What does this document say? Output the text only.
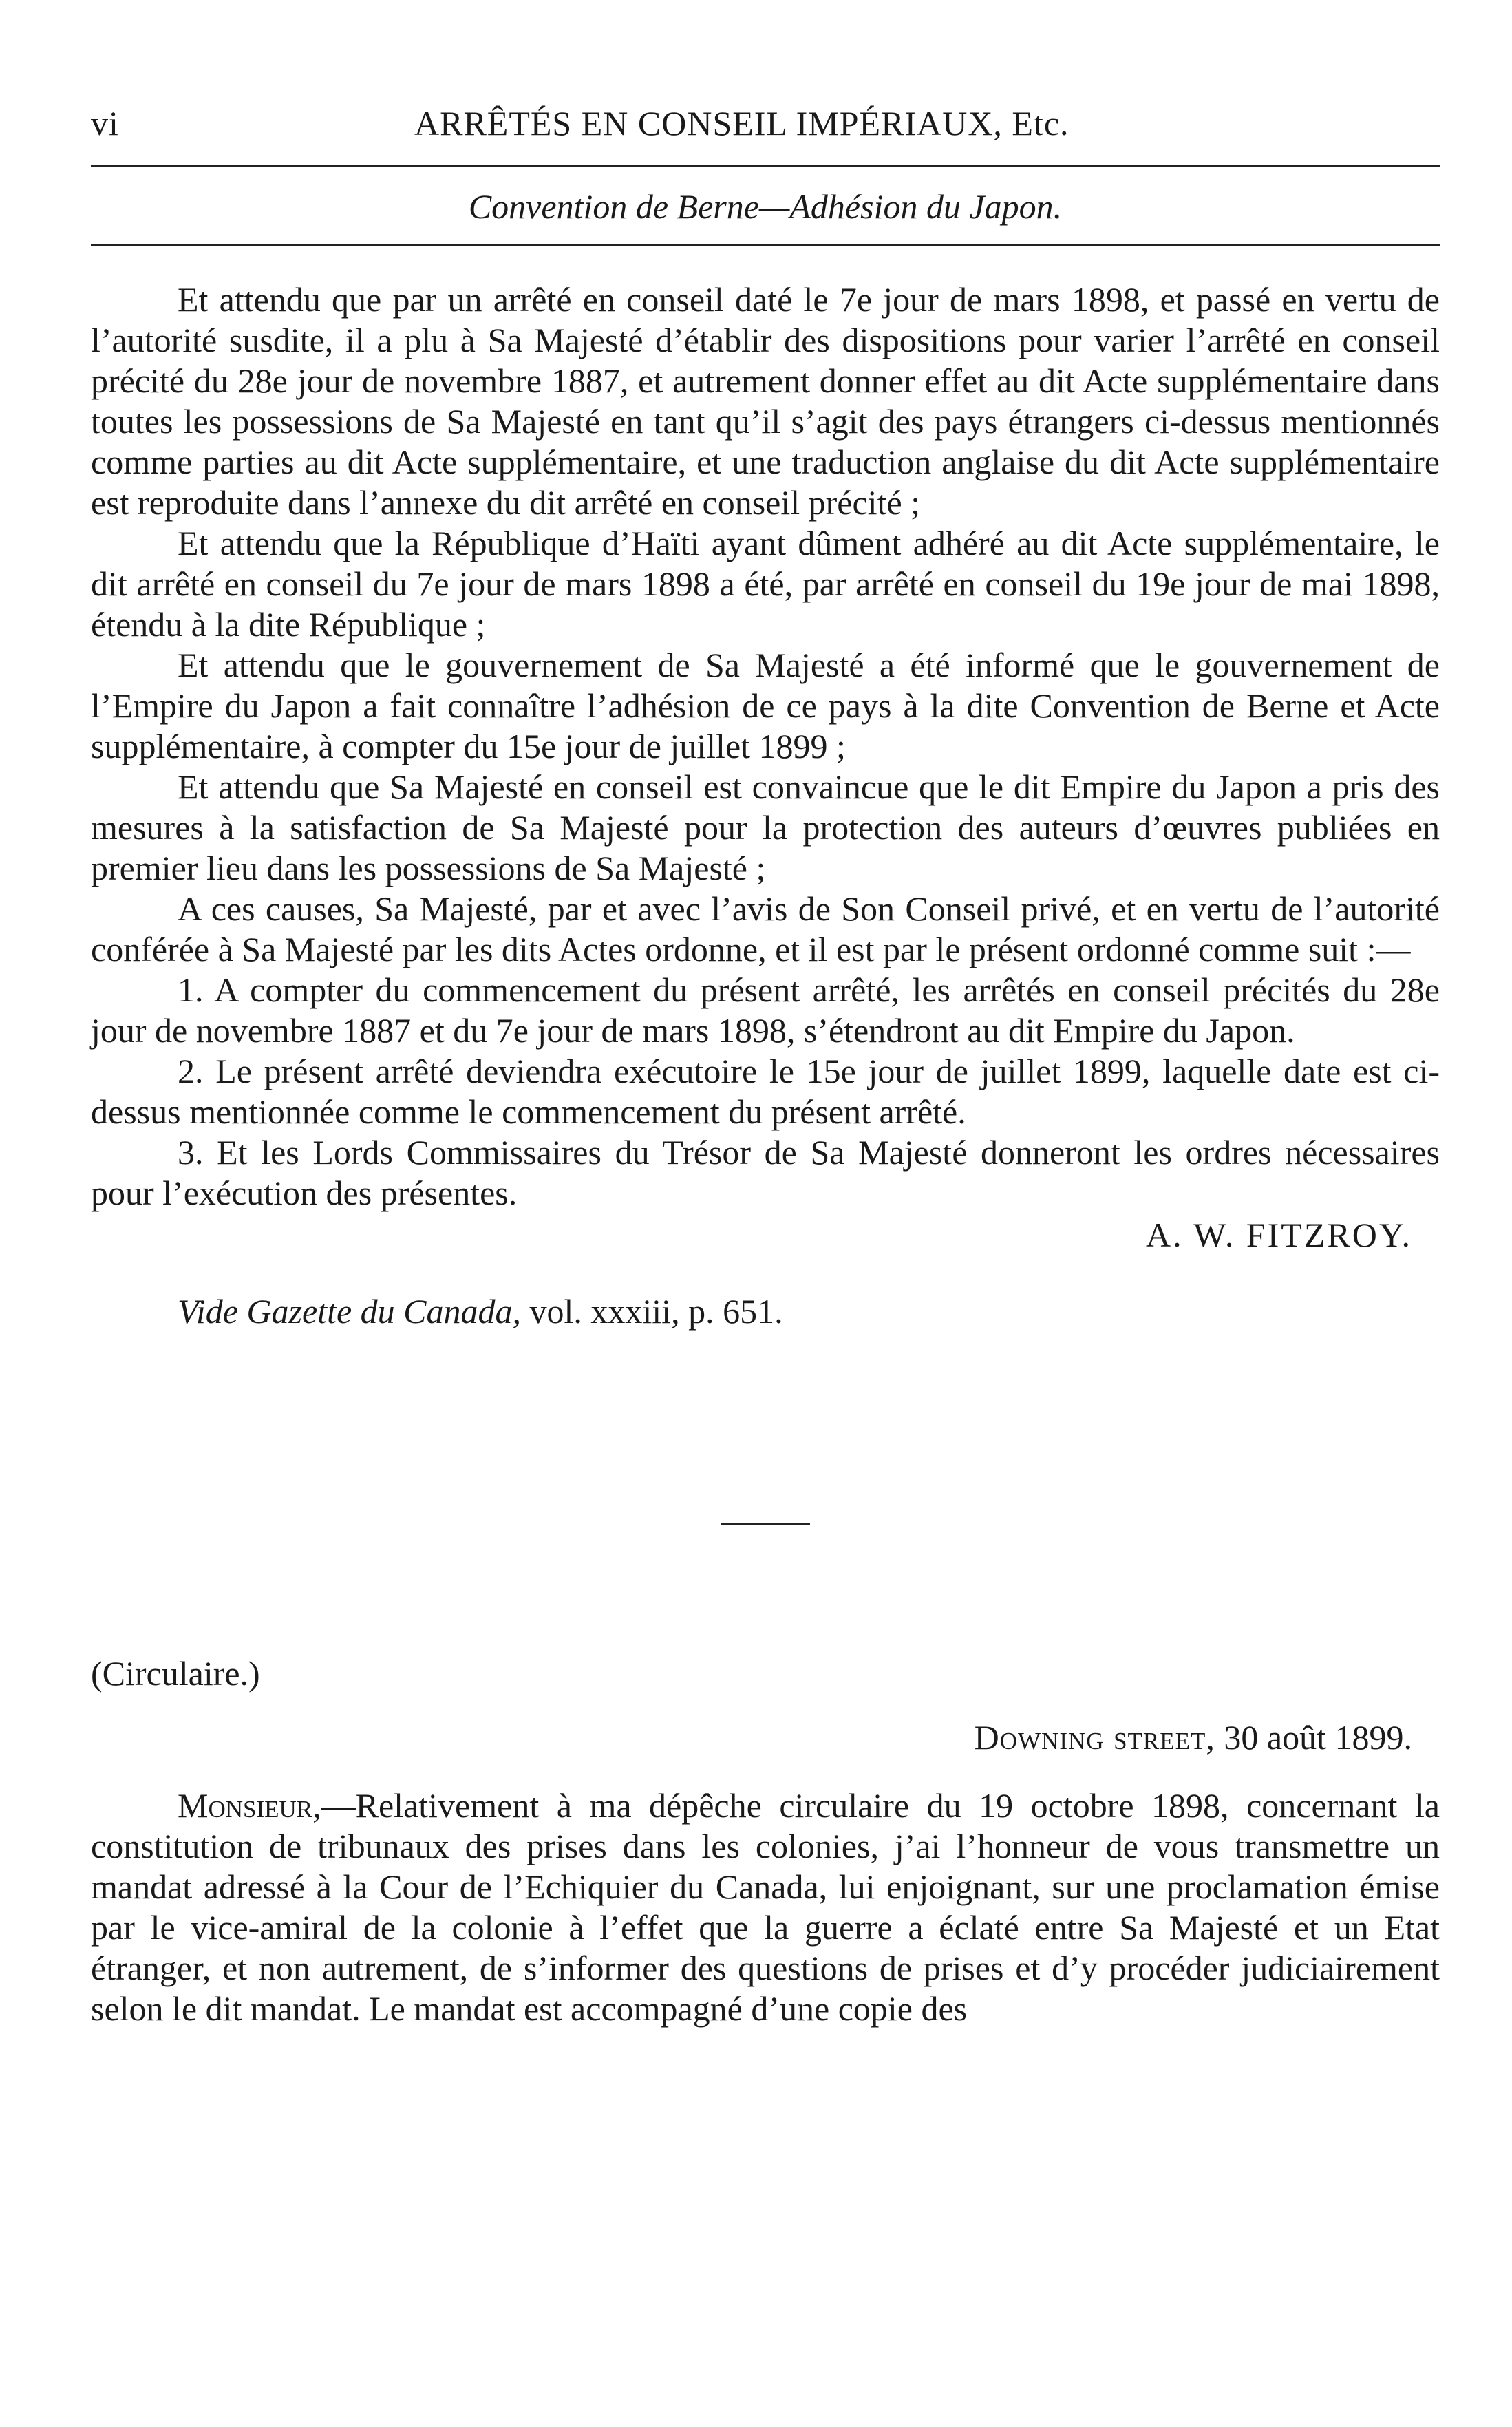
vi	ARRÊTÉS EN CONSEIL IMPÉRIAUX, Etc.
Convention de Berne—Adhésion du Japon.

Et attendu que par un arrêté en conseil daté le 7e jour de mars 1898, et passé en vertu de l’autorité susdite, il a plu à Sa Majesté d’établir des dispositions pour varier l’arrêté en conseil précité du 28e jour de novembre 1887, et autrement donner effet au dit Acte supplémentaire dans toutes les possessions de Sa Majesté en tant qu’il s’agit des pays étrangers ci-dessus mentionnés comme parties au dit Acte supplémentaire, et une traduction anglaise du dit Acte supplémentaire est reproduite dans l’annexe du dit arrêté en conseil précité ;

Et attendu que la République d’Haïti ayant dûment adhéré au dit Acte supplémentaire, le dit arrêté en conseil du 7e jour de mars 1898 a été, par arrêté en conseil du 19e jour de mai 1898, étendu à la dite République ;

Et attendu que le gouvernement de Sa Majesté a été informé que le gouvernement de l’Empire du Japon a fait connaître l’adhésion de ce pays à la dite Convention de Berne et Acte supplémentaire, à compter du 15e jour de juillet 1899 ;

Et attendu que Sa Majesté en conseil est convaincue que le dit Empire du Japon a pris des mesures à la satisfaction de Sa Majesté pour la protection des auteurs d’œuvres publiées en premier lieu dans les possessions de Sa Majesté ;

A ces causes, Sa Majesté, par et avec l’avis de Son Conseil privé, et en vertu de l’autorité conférée à Sa Majesté par les dits Actes ordonne, et il est par le présent ordonné comme suit :—

1. A compter du commencement du présent arrêté, les arrêtés en conseil précités du 28e jour de novembre 1887 et du 7e jour de mars 1898, s’étendront au dit Empire du Japon.

2. Le présent arrêté deviendra exécutoire le 15e jour de juillet 1899, laquelle date est ci-dessus mentionnée comme le commencement du présent arrêté.

3. Et les Lords Commissaires du Trésor de Sa Majesté donneront les ordres nécessaires pour l’exécution des présentes.

A. W. FITZROY.
Vide Gazette du Canada, vol. xxxiii, p. 651.
(Circulaire.)
Downing street, 30 août 1899.

Monsieur,—Relativement à ma dépêche circulaire du 19 octobre 1898, concernant la constitution de tribunaux des prises dans les colonies, j’ai l’honneur de vous transmettre un mandat adressé à la Cour de l’Echiquier du Canada, lui enjoignant, sur une proclamation émise par le vice-amiral de la colonie à l’effet que la guerre a éclaté entre Sa Majesté et un Etat étranger, et non autrement, de s’informer des questions de prises et d’y procéder judiciairement selon le dit mandat. Le mandat est accompagné d’une copie des
